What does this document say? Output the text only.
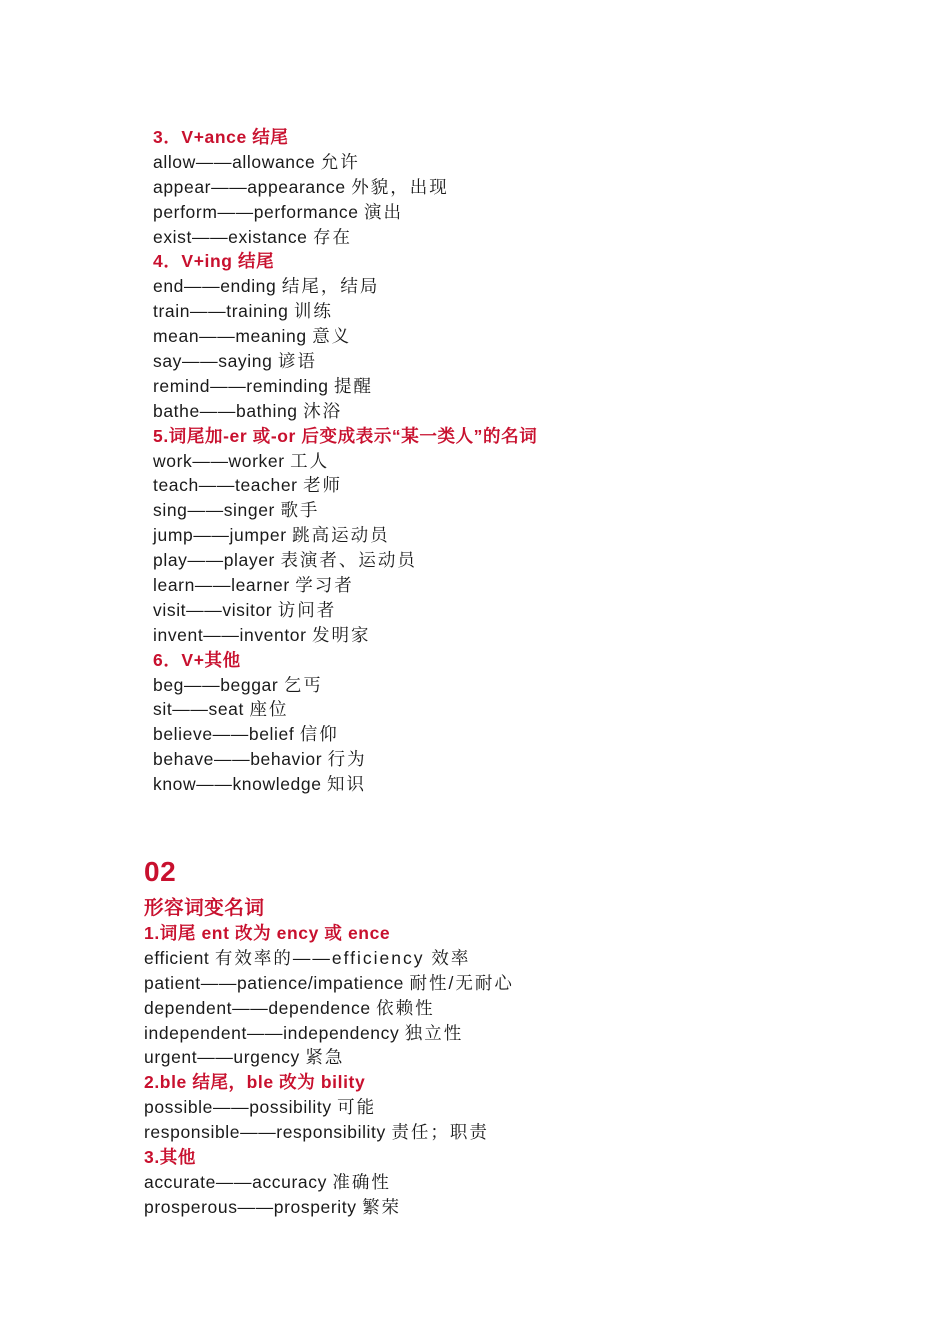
3．V+ance 结尾
allow——allowance 允许
appear——appearance 外貌，出现
perform——performance 演出
exist——existance 存在
4．V+ing 结尾
end——ending 结尾，结局
train——training 训练
mean——meaning 意义
say——saying 谚语
remind——reminding 提醒
bathe——bathing 沐浴
5.词尾加-er 或-or 后变成表示“某一类人”的名词
work——worker 工人
teach——teacher 老师
sing——singer 歌手
jump——jumper 跳高运动员
play——player 表演者、运动员
learn——learner 学习者
visit——visitor 访问者
invent——inventor 发明家
6．V+其他
beg——beggar 乞丐
sit——seat 座位
believe——belief 信仰
behave——behavior 行为
know——knowledge 知识
02
形容词变名词
1.词尾 ent 改为 ency 或 ence
efficient 有效率的——efficiency 效率
patient——patience/impatience 耐性/无耐心
dependent——dependence 依赖性
independent——independency 独立性
urgent——urgency 紧急
2.ble 结尾，ble 改为 bility
possible——possibility 可能
responsible——responsibility 责任；职责
3.其他
accurate——accuracy 准确性
prosperous——prosperity 繁荣
